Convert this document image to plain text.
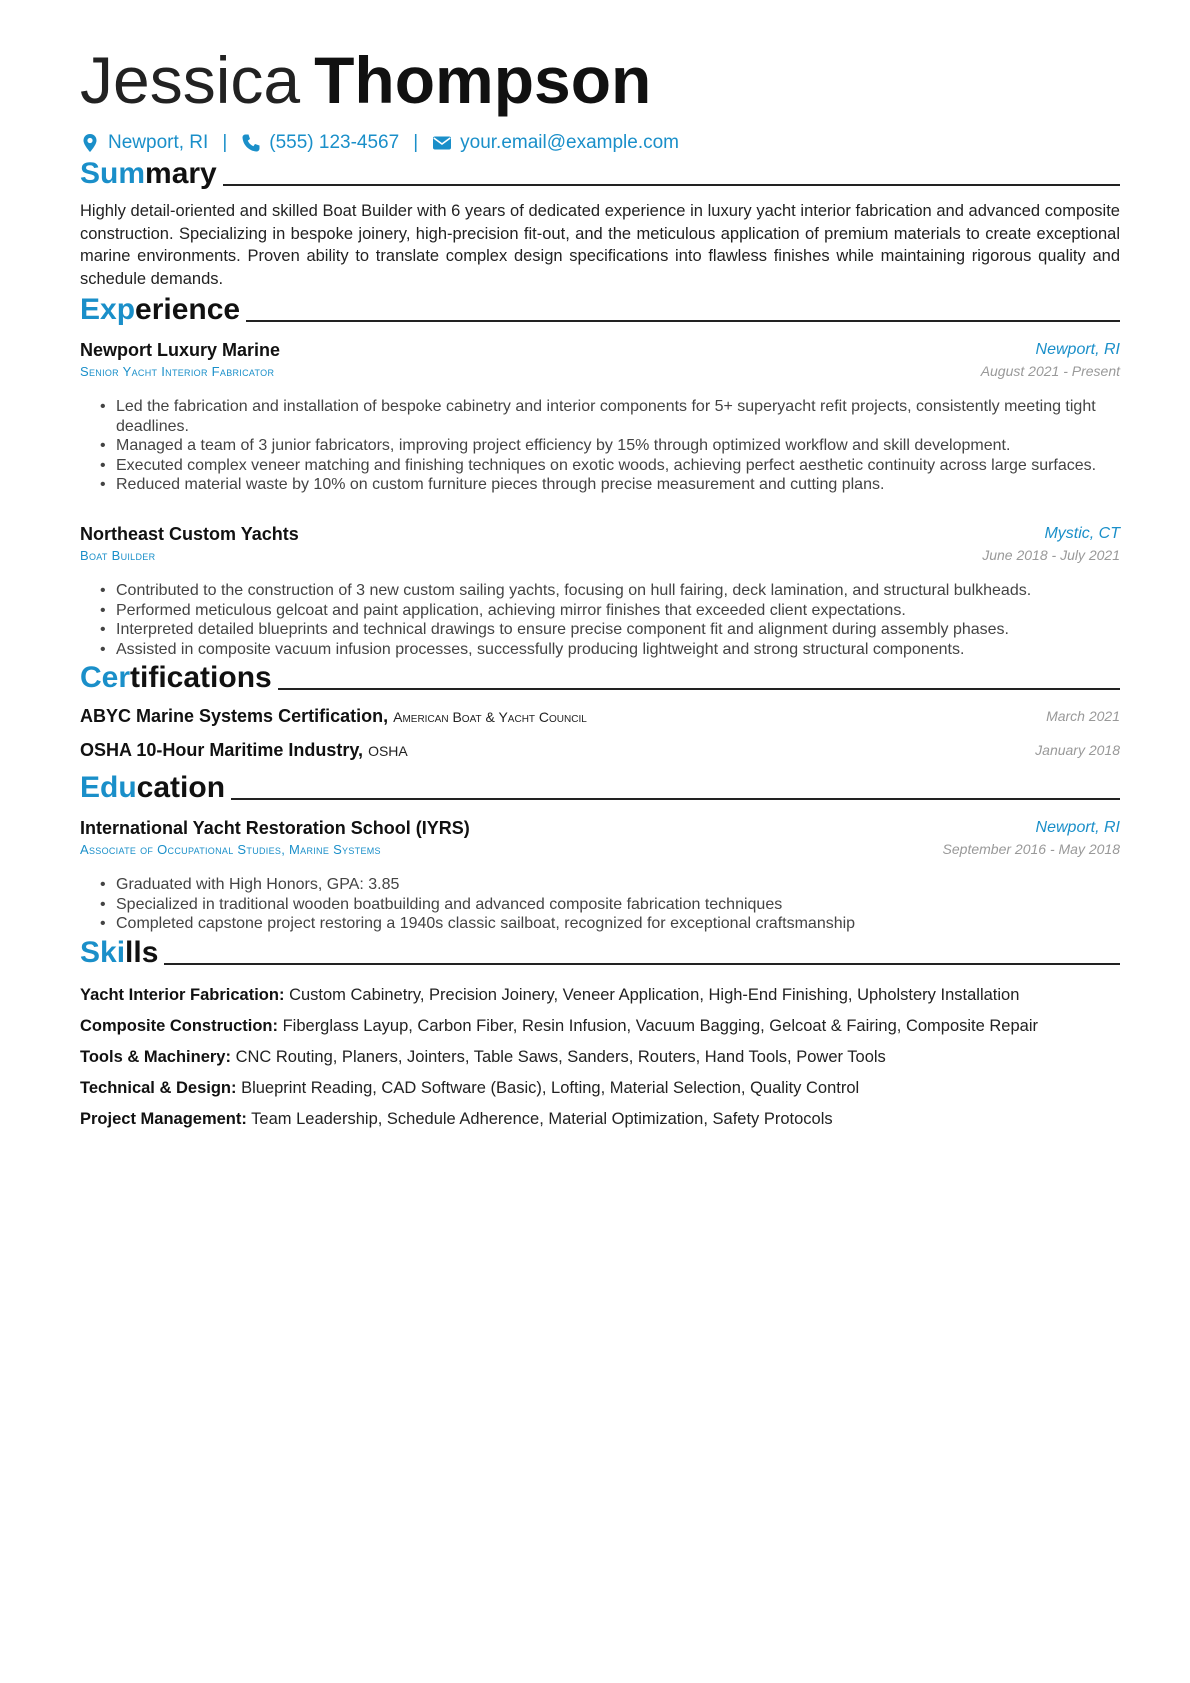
Jessica Thompson
Newport, RI | (555) 123-4567 | your.email@example.com
Summary
Highly detail-oriented and skilled Boat Builder with 6 years of dedicated experience in luxury yacht interior fabrication and advanced composite construction. Specializing in bespoke joinery, high-precision fit-out, and the meticulous application of premium materials to create exceptional marine environments. Proven ability to translate complex design specifications into flawless finishes while maintaining rigorous quality and schedule demands.
Experience
Newport Luxury Marine	Newport, RI
Senior Yacht Interior Fabricator	August 2021 - Present
• Led the fabrication and installation of bespoke cabinetry and interior components for 5+ superyacht refit projects, consistently meeting tight deadlines.
• Managed a team of 3 junior fabricators, improving project efficiency by 15% through optimized workflow and skill development.
• Executed complex veneer matching and finishing techniques on exotic woods, achieving perfect aesthetic continuity across large surfaces.
• Reduced material waste by 10% on custom furniture pieces through precise measurement and cutting plans.
Northeast Custom Yachts	Mystic, CT
Boat Builder	June 2018 - July 2021
• Contributed to the construction of 3 new custom sailing yachts, focusing on hull fairing, deck lamination, and structural bulkheads.
• Performed meticulous gelcoat and paint application, achieving mirror finishes that exceeded client expectations.
• Interpreted detailed blueprints and technical drawings to ensure precise component fit and alignment during assembly phases.
• Assisted in composite vacuum infusion processes, successfully producing lightweight and strong structural components.
Certifications
ABYC Marine Systems Certification, American Boat & Yacht Council	March 2021
OSHA 10-Hour Maritime Industry, OSHA	January 2018
Education
International Yacht Restoration School (IYRS)	Newport, RI
Associate of Occupational Studies, Marine Systems	September 2016 - May 2018
• Graduated with High Honors, GPA: 3.85
• Specialized in traditional wooden boatbuilding and advanced composite fabrication techniques
• Completed capstone project restoring a 1940s classic sailboat, recognized for exceptional craftsmanship
Skills
Yacht Interior Fabrication: Custom Cabinetry, Precision Joinery, Veneer Application, High-End Finishing, Upholstery Installation
Composite Construction: Fiberglass Layup, Carbon Fiber, Resin Infusion, Vacuum Bagging, Gelcoat & Fairing, Composite Repair
Tools & Machinery: CNC Routing, Planers, Jointers, Table Saws, Sanders, Routers, Hand Tools, Power Tools
Technical & Design: Blueprint Reading, CAD Software (Basic), Lofting, Material Selection, Quality Control
Project Management: Team Leadership, Schedule Adherence, Material Optimization, Safety Protocols
